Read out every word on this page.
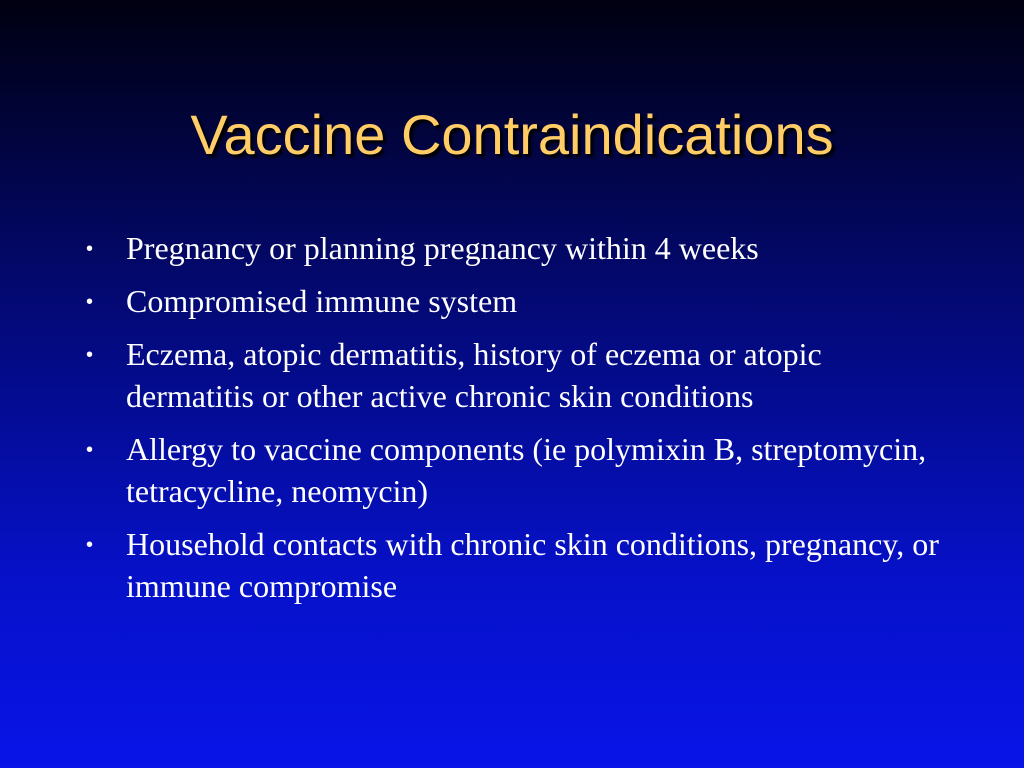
Vaccine Contraindications
• Pregnancy or planning pregnancy within 4 weeks
• Compromised immune system
• Eczema, atopic dermatitis, history of eczema or atopic dermatitis or other active chronic skin conditions
• Allergy to vaccine components (ie polymixin B, streptomycin, tetracycline, neomycin)
• Household contacts with chronic skin conditions, pregnancy, or immune compromise
